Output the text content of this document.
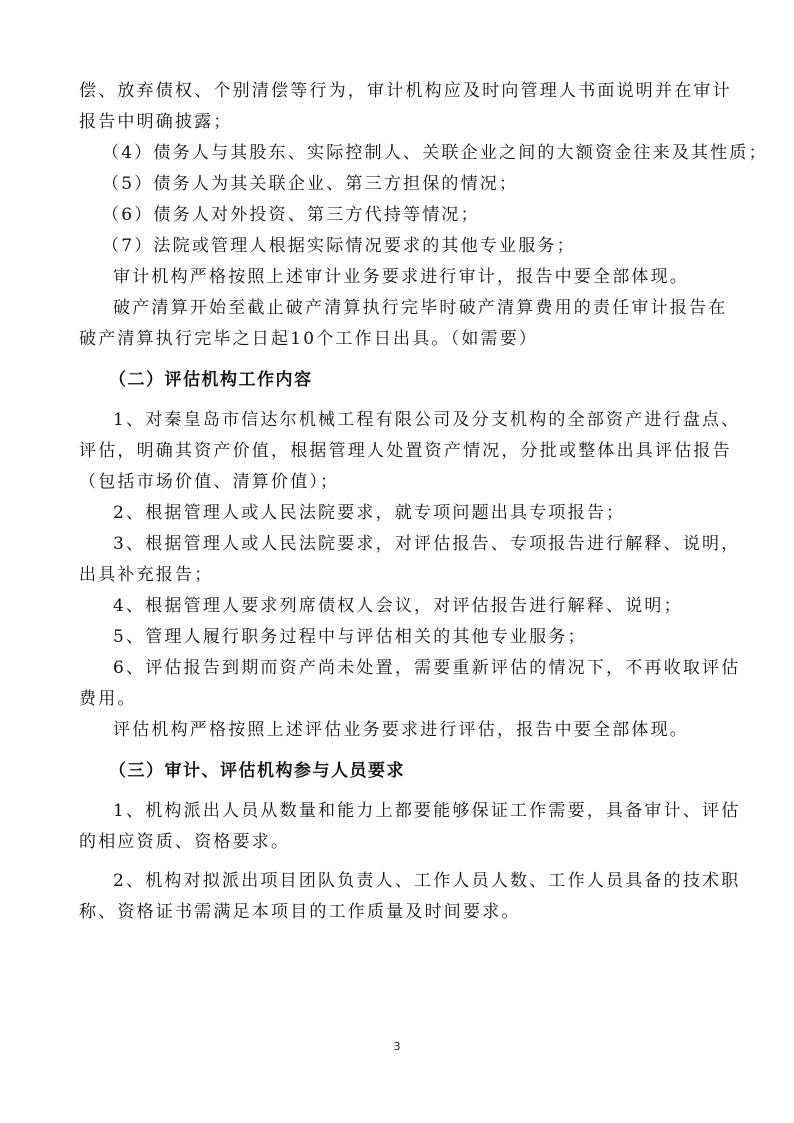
偿、放弃债权、个别清偿等行为，审计机构应及时向管理人书面说明并在审计

报告中明确披露；

（4）债务人与其股东、实际控制人、关联企业之间的大额资金往来及其性质；

（5）债务人为其关联企业、第三方担保的情况；

（6）债务人对外投资、第三方代持等情况；

（7）法院或管理人根据实际情况要求的其他专业服务；

审计机构严格按照上述审计业务要求进行审计，报告中要全部体现。

破产清算开始至截止破产清算执行完毕时破产清算费用的责任审计报告在

破产清算执行完毕之日起10个工作日出具。（如需要）

（二）评估机构工作内容

1、对秦皇岛市信达尔机械工程有限公司及分支机构的全部资产进行盘点、

评估，明确其资产价值，根据管理人处置资产情况，分批或整体出具评估报告

（包括市场价值、清算价值）；

2、根据管理人或人民法院要求，就专项问题出具专项报告；

3、根据管理人或人民法院要求，对评估报告、专项报告进行解释、说明，

出具补充报告；

4、根据管理人要求列席债权人会议，对评估报告进行解释、说明；

5、管理人履行职务过程中与评估相关的其他专业服务；

6、评估报告到期而资产尚未处置，需要重新评估的情况下，不再收取评估

费用。

评估机构严格按照上述评估业务要求进行评估，报告中要全部体现。

（三）审计、评估机构参与人员要求

1、机构派出人员从数量和能力上都要能够保证工作需要，具备审计、评估

的相应资质、资格要求。

2、机构对拟派出项目团队负责人、工作人员人数、工作人员具备的技术职

称、资格证书需满足本项目的工作质量及时间要求。

3
